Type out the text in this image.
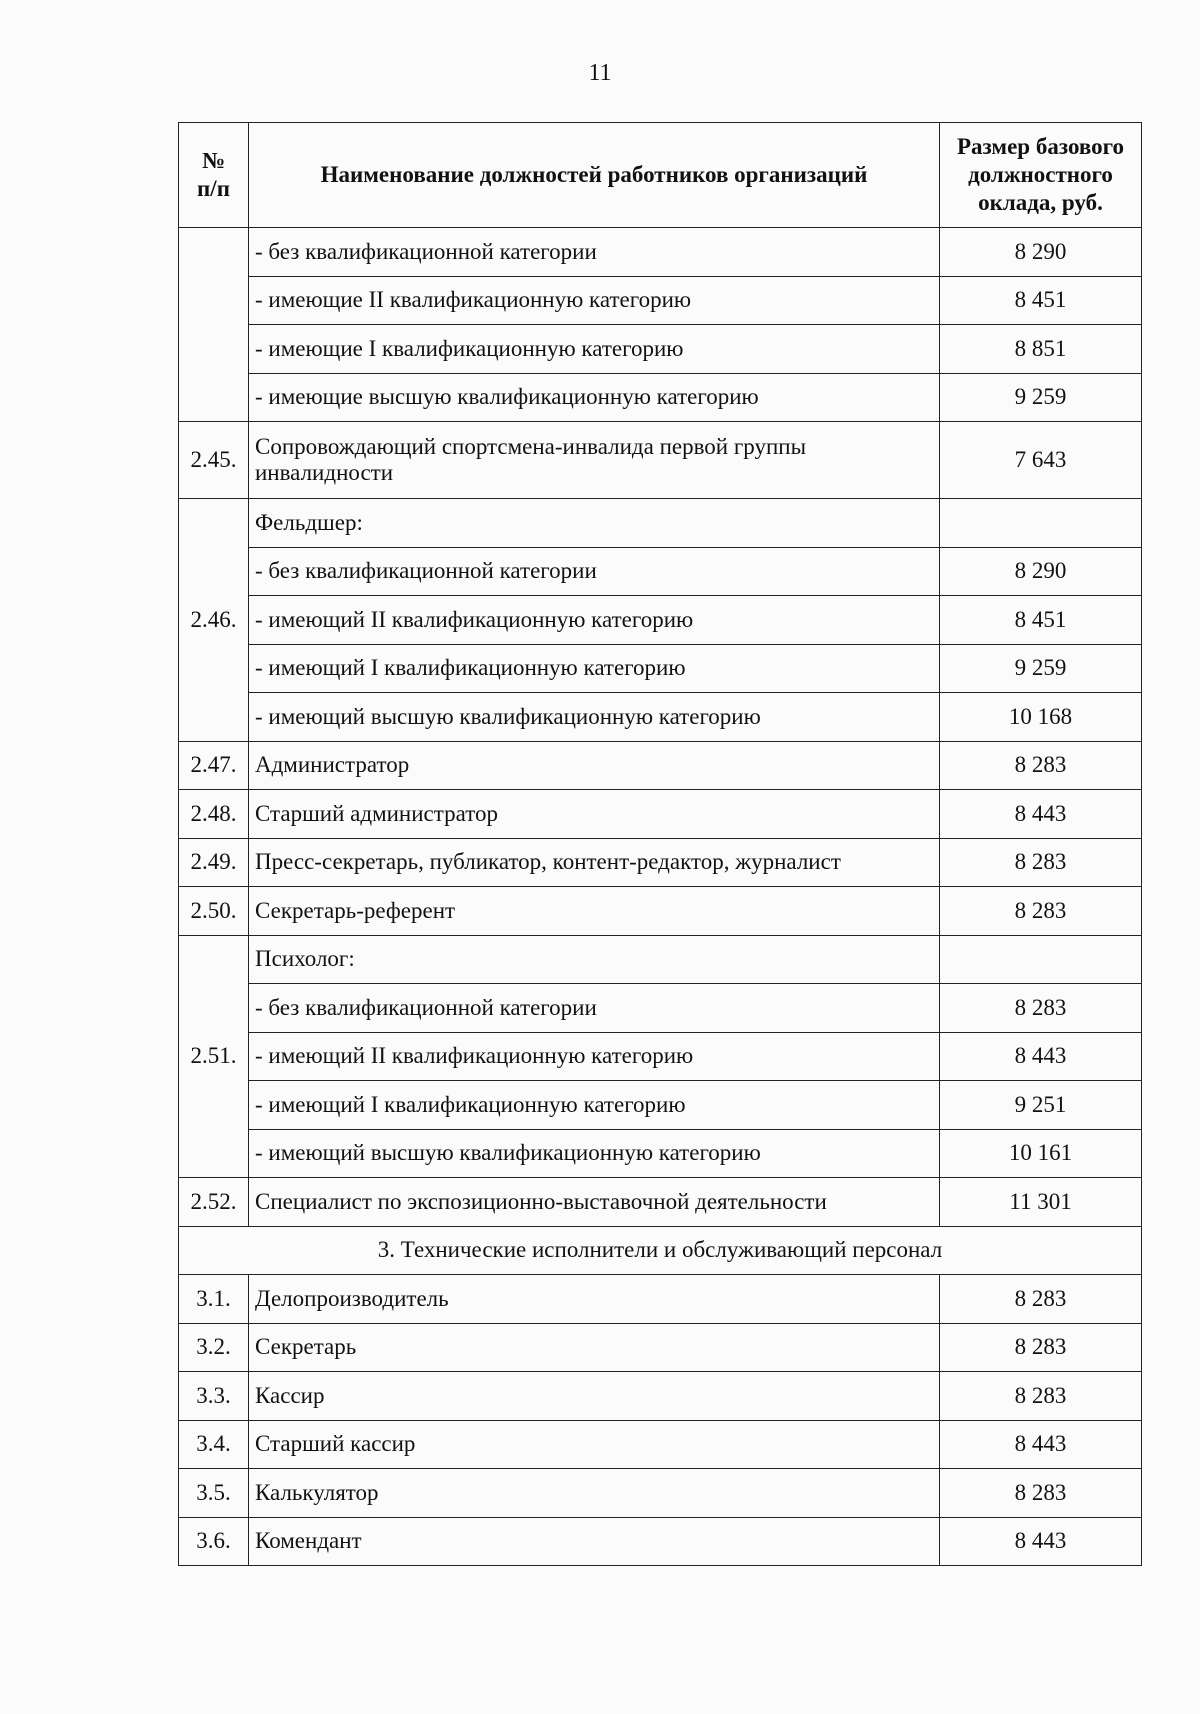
11
№
п/п	Наименование должностей работников организаций	Размер базового должностного оклада, руб.
	- без квалификационной категории	8 290
	- имеющие II квалификационную категорию	8 451
	- имеющие I квалификационную категорию	8 851
	- имеющие высшую квалификационную категорию	9 259
2.45.	Сопровождающий спортсмена-инвалида первой группы инвалидности	7 643
2.46.	Фельдшер:	
	- без квалификационной категории	8 290
	- имеющий II квалификационную категорию	8 451
	- имеющий I квалификационную категорию	9 259
	- имеющий высшую квалификационную категорию	10 168
2.47.	Администратор	8 283
2.48.	Старший администратор	8 443
2.49.	Пресс-секретарь, публикатор, контент-редактор, журналист	8 283
2.50.	Секретарь-референт	8 283
2.51.	Психолог:	
	- без квалификационной категории	8 283
	- имеющий II квалификационную категорию	8 443
	- имеющий I квалификационную категорию	9 251
	- имеющий высшую квалификационную категорию	10 161
2.52.	Специалист по экспозиционно-выставочной деятельности	11 301
3. Технические исполнители и обслуживающий персонал		
3.1.	Делопроизводитель	8 283
3.2.	Секретарь	8 283
3.3.	Кассир	8 283
3.4.	Старший кассир	8 443
3.5.	Калькулятор	8 283
3.6.	Комендант	8 443
